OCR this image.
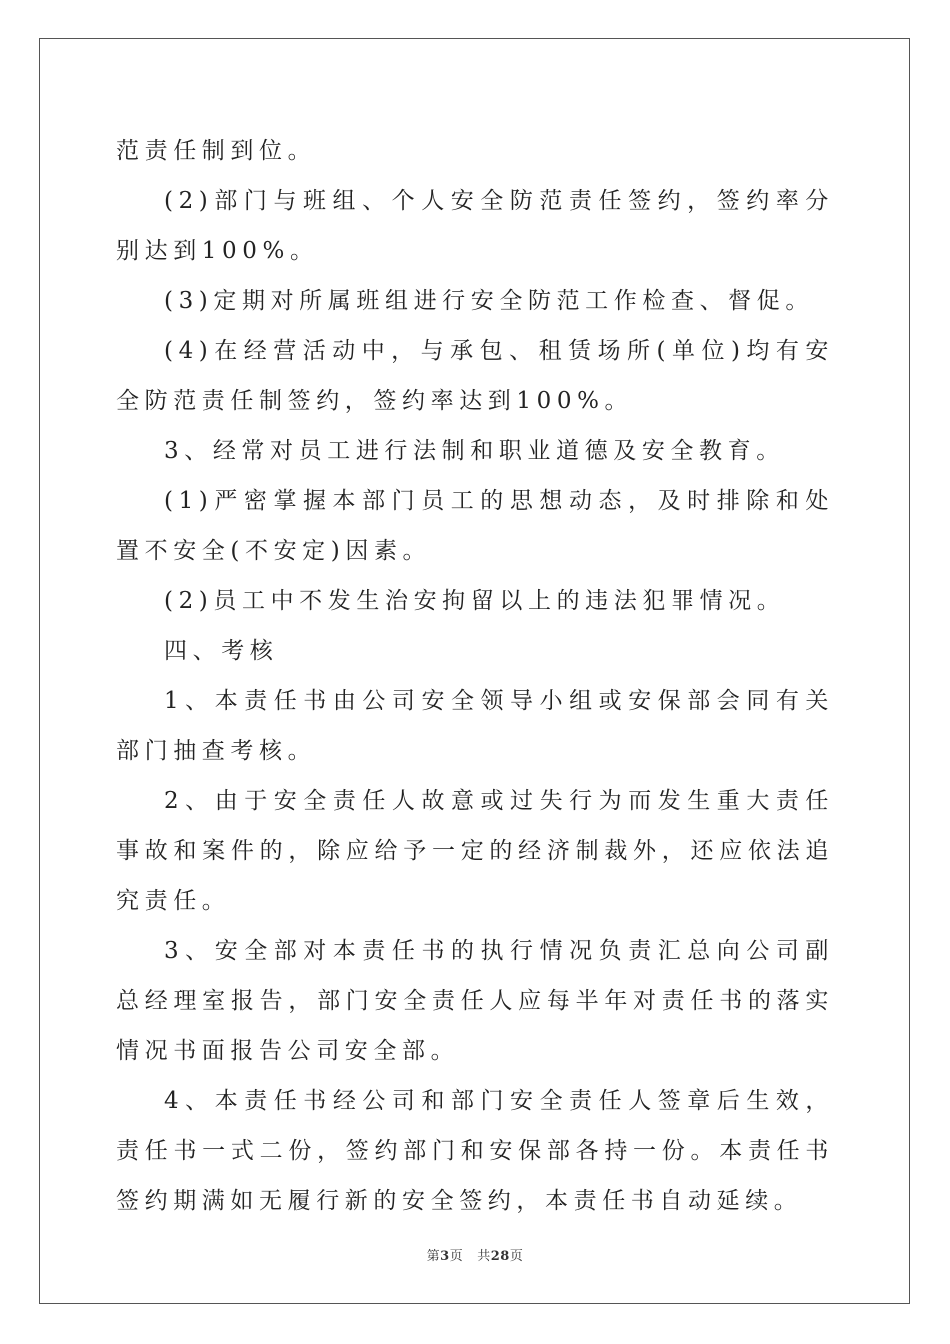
范责任制到位。

(2)部门与班组、个人安全防范责任签约，签约率分别达到100%。

(3)定期对所属班组进行安全防范工作检查、督促。

(4)在经营活动中，与承包、租赁场所(单位)均有安全防范责任制签约，签约率达到100%。

3、经常对员工进行法制和职业道德及安全教育。

(1)严密掌握本部门员工的思想动态，及时排除和处置不安全(不安定)因素。

(2)员工中不发生治安拘留以上的违法犯罪情况。

四、考核

1、本责任书由公司安全领导小组或安保部会同有关部门抽查考核。

2、由于安全责任人故意或过失行为而发生重大责任事故和案件的，除应给予一定的经济制裁外，还应依法追究责任。

3、安全部对本责任书的执行情况负责汇总向公司副总经理室报告，部门安全责任人应每半年对责任书的落实情况书面报告公司安全部。

4、本责任书经公司和部门安全责任人签章后生效，责任书一式二份，签约部门和安保部各持一份。本责任书签约期满如无履行新的安全签约，本责任书自动延续。

第3页 共28页
